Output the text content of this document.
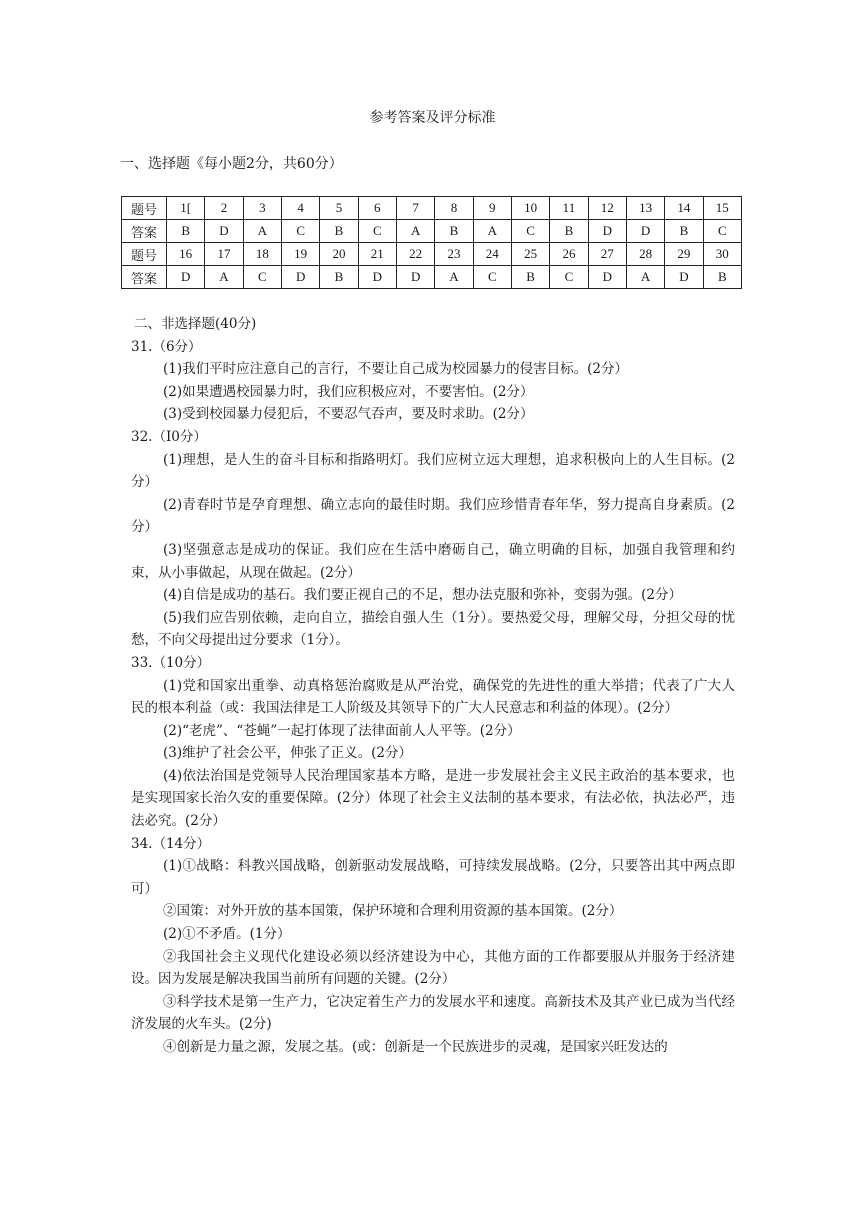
参考答案及评分标准
一、选择题《每小题2分，共60分）
题号	1[	2	3	4	5	6	7	8	9	10	11	12	13	14	15
答案	B	D	A	C	B	C	A	B	A	C	B	D	D	B	C
题号	16	17	18	19	20	21	22	23	24	25	26	27	28	29	30
答案	D	A	C	D	B	D	D	A	C	B	C	D	A	D	B
二、非选择题(40分)
31.（6分）
(1)我们平时应注意自己的言行，不要让自己成为校园暴力的侵害目标。(2分）
(2)如果遭遇校园暴力时，我们应积极应对，不要害怕。(2分）
(3)受到校园暴力侵犯后，不要忍气吞声，要及时求助。(2分）
32.（I0分）
(1)理想，是人生的奋斗目标和指路明灯。我们应树立远大理想，追求积极向上的人生目标。(2分）
(2)青春时节是孕育理想、确立志向的最佳时期。我们应珍惜青春年华，努力提高自身素质。(2分）
(3)坚强意志是成功的保证。我们应在生活中磨砺自己，确立明确的目标，加强自我管理和约束，从小事做起，从现在做起。(2分）
(4)自信是成功的基石。我们要正视自己的不足，想办法克服和弥补，变弱为强。(2分）
(5)我们应告别依赖，走向自立，描绘自强人生（1分）。要热爱父母，理解父母，分担父母的忧愁，不向父母提出过分要求（1分）。
33.（10分）
(1)党和国家出重拳、动真格惩治腐败是从严治党，确保党的先进性的重大举措；代表了广大人民的根本利益（或：我国法律是工人阶级及其领导下的广大人民意志和利益的体现）。(2分）
(2)“老虎”、“苍蝇”一起打体现了法律面前人人平等。(2分）
(3)维护了社会公平，伸张了正义。(2分）
(4)依法治国是党领导人民治理国家基本方略，是进一步发展社会主义民主政治的基本要求，也是实现国家长治久安的重要保障。(2分）体现了社会主义法制的基本要求，有法必依，执法必严，违法必究。(2分）
34.（14分）
(1)①战略：科教兴国战略，创新驱动发展战略，可持续发展战略。(2分，只要答出其中两点即可）
②国策：对外开放的基本国策，保护环境和合理利用资源的基本国策。(2分）
(2)①不矛盾。(1分）
②我国社会主义现代化建设必须以经济建设为中心，其他方面的工作都要服从并服务于经济建设。因为发展是解决我国当前所有问题的关键。(2分）
③科学技术是第一生产力，它决定着生产力的发展水平和速度。高新技术及其产业已成为当代经济发展的火车头。(2分)
④创新是力量之源，发展之基。(或：创新是一个民族进步的灵魂，是国家兴旺发达的
